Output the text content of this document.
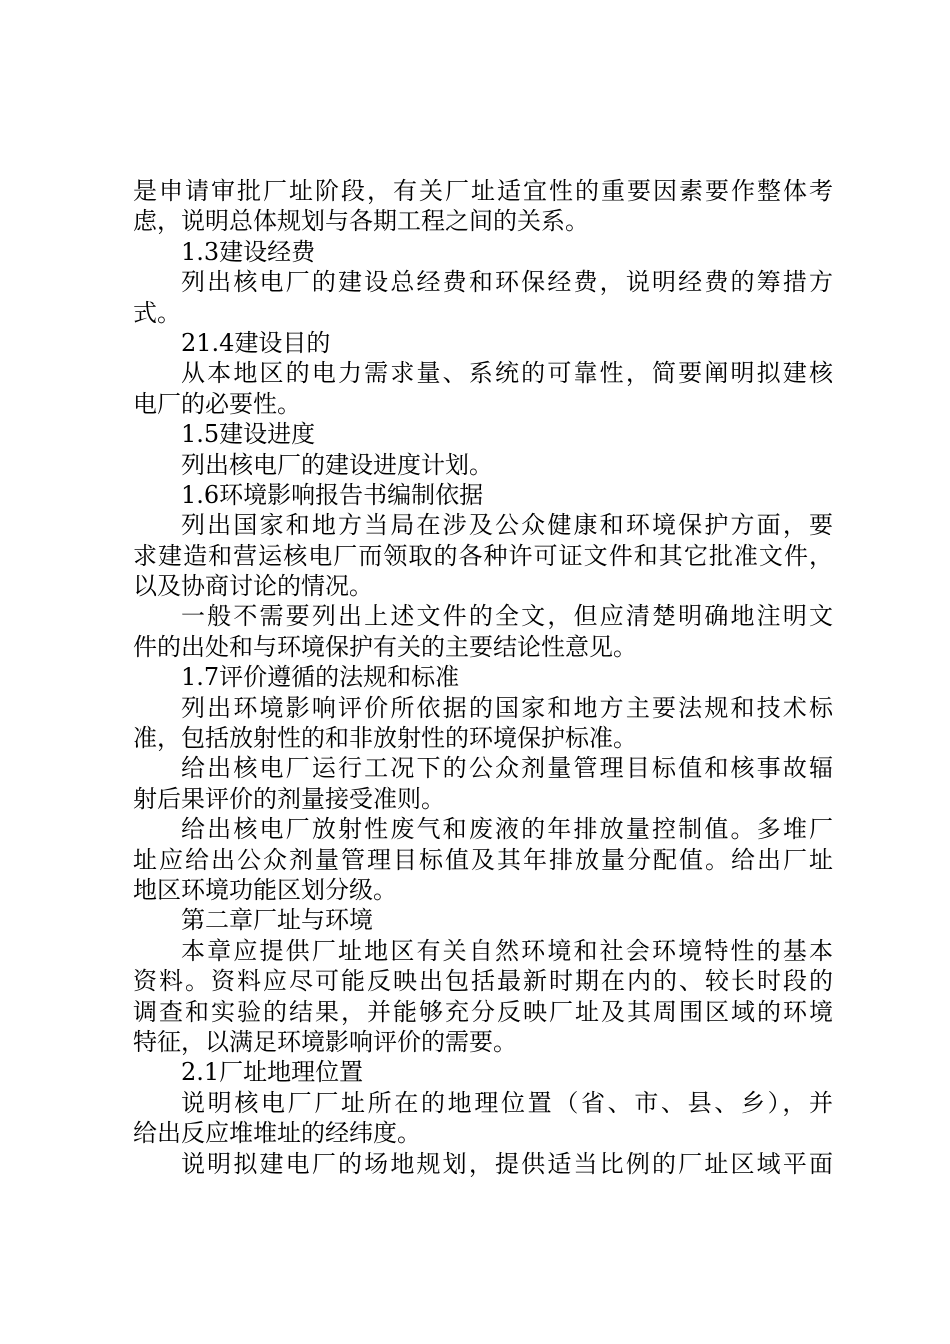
是申请审批厂址阶段，有关厂址适宜性的重要因素要作整体考
虑，说明总体规划与各期工程之间的关系。
1.3建设经费
列出核电厂的建设总经费和环保经费，说明经费的筹措方
式。
21.4建设目的
从本地区的电力需求量、系统的可靠性，简要阐明拟建核
电厂的必要性。
1.5建设进度
列出核电厂的建设进度计划。
1.6环境影响报告书编制依据
列出国家和地方当局在涉及公众健康和环境保护方面，要
求建造和营运核电厂而领取的各种许可证文件和其它批准文件，
以及协商讨论的情况。
一般不需要列出上述文件的全文，但应清楚明确地注明文
件的出处和与环境保护有关的主要结论性意见。
1.7评价遵循的法规和标准
列出环境影响评价所依据的国家和地方主要法规和技术标
准，包括放射性的和非放射性的环境保护标准。
给出核电厂运行工况下的公众剂量管理目标值和核事故辐
射后果评价的剂量接受准则。
给出核电厂放射性废气和废液的年排放量控制值。多堆厂
址应给出公众剂量管理目标值及其年排放量分配值。给出厂址
地区环境功能区划分级。
第二章厂址与环境
本章应提供厂址地区有关自然环境和社会环境特性的基本
资料。资料应尽可能反映出包括最新时期在内的、较长时段的
调查和实验的结果，并能够充分反映厂址及其周围区域的环境
特征，以满足环境影响评价的需要。
2.1厂址地理位置
说明核电厂厂址所在的地理位置（省、市、县、乡），并
给出反应堆堆址的经纬度。
说明拟建电厂的场地规划，提供适当比例的厂址区域平面
